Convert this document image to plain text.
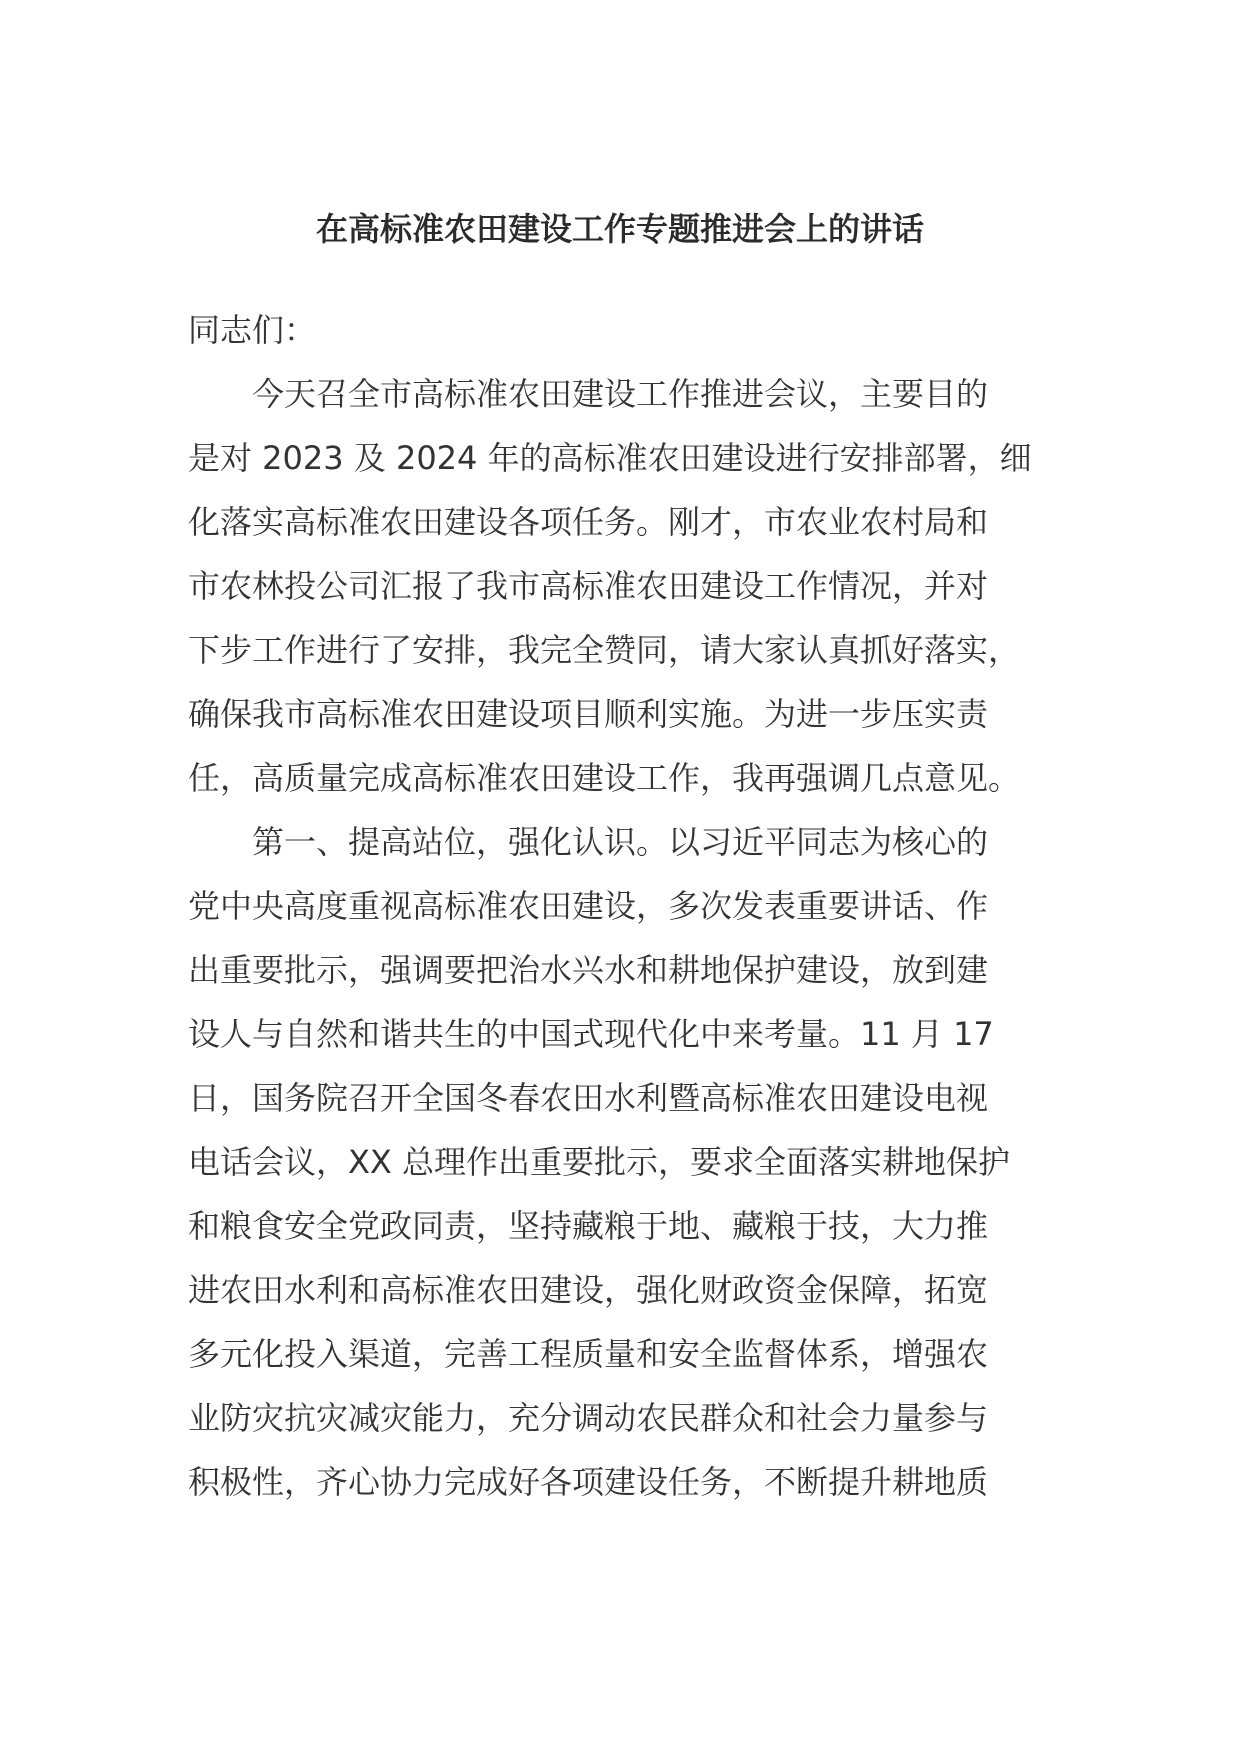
在高标准农田建设工作专题推进会上的讲话

同志们：

今天召全市高标准农田建设工作推进会议，主要目的

是对 2023 及 2024 年的高标准农田建设进行安排部署，细

化落实高标准农田建设各项任务。刚才，市农业农村局和

市农林投公司汇报了我市高标准农田建设工作情况，并对

下步工作进行了安排，我完全赞同，请大家认真抓好落实，

确保我市高标准农田建设项目顺利实施。为进一步压实责

任，高质量完成高标准农田建设工作，我再强调几点意见。

第一、提高站位，强化认识。以习近平同志为核心的

党中央高度重视高标准农田建设，多次发表重要讲话、作

出重要批示，强调要把治水兴水和耕地保护建设，放到建

设人与自然和谐共生的中国式现代化中来考量。11 月 17

日，国务院召开全国冬春农田水利暨高标准农田建设电视

电话会议，XX 总理作出重要批示，要求全面落实耕地保护

和粮食安全党政同责，坚持藏粮于地、藏粮于技，大力推

进农田水利和高标准农田建设，强化财政资金保障，拓宽

多元化投入渠道，完善工程质量和安全监督体系，增强农

业防灾抗灾减灾能力，充分调动农民群众和社会力量参与

积极性，齐心协力完成好各项建设任务，不断提升耕地质
